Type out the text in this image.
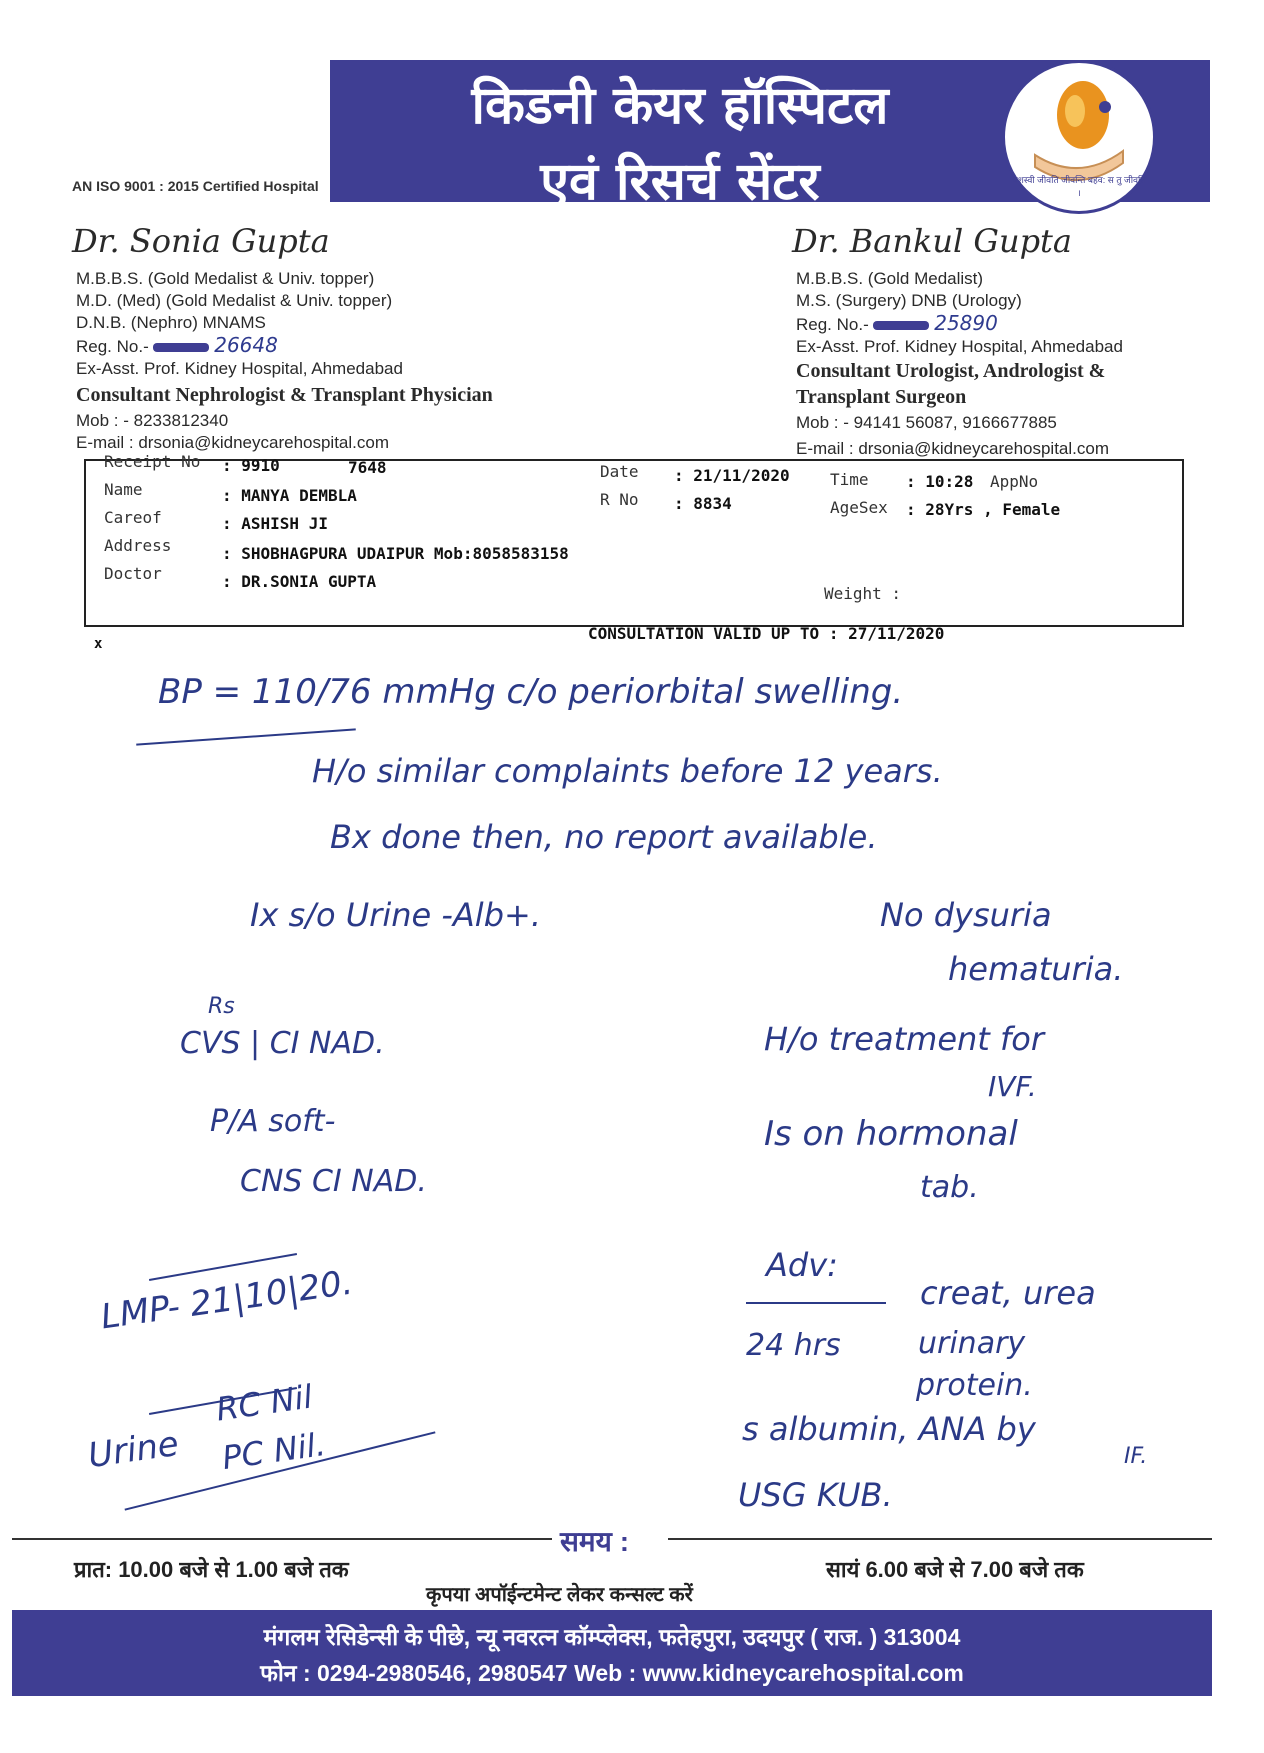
किडनी केयर हॉस्पिटल
एवं रिसर्च सेंटर
AN ISO 9001 : 2015 Certified Hospital	यशस्वी जीवति जीवन्ति बहव: स तु जीवति ।
Dr. Sonia Gupta
M.B.B.S. (Gold Medalist & Univ. topper)
M.D. (Med) (Gold Medalist & Univ. topper)
D.N.B. (Nephro) MNAMS
Reg. No.-	26648
Ex-Asst. Prof. Kidney Hospital, Ahmedabad
Consultant Nephrologist & Transplant Physician
Mob : - 8233812340
E-mail : drsonia@kidneycarehospital.com
Dr. Bankul Gupta
M.B.B.S. (Gold Medalist)
M.S. (Surgery) DNB (Urology)
Reg. No.-	25890
Ex-Asst. Prof. Kidney Hospital, Ahmedabad
Consultant Urologist, Andrologist &
Transplant Surgeon
Mob : - 94141 56087, 9166677885
E-mail : drsonia@kidneycarehospital.com
Receipt No : 9910	7648	Date : 21/11/2020	Time : 10:28 AppNo
Name	: MANYA DEMBLA	R No : 8834	AgeSex : 28Yrs , Female
Careof	: ASHISH JI
Address	: SHOBHAGPURA UDAIPUR Mob:8058583158
Doctor	: DR.SONIA GUPTA
Weight :
CONSULTATION VALID UP TO : 27/11/2020
x
BP = 110/76 mmHg c/o periorbital swelling.
H/o similar complaints before 12 years.
Bx done then, no report available.
Ix s/o Urine -Alb+.	No dysuria
hematuria.
Rs
CVS | CI NAD.	H/o treatment for
IVF.
P/A soft-	Is on hormonal
CNS CI NAD.	tab.
Adv:
creat, urea
24 hrs	urinary
protein.
s albumin, ANA by
IF.
USG KUB.
LMP- 21|10|20.
Urine
RC Nil
PC Nil.
समय :
प्रात: 10.00 बजे से 1.00 बजे तक	सायं 6.00 बजे से 7.00 बजे तक
कृपया अपॉईन्टमेन्ट लेकर कन्सल्ट करें
मंगलम रेसिडेन्सी के पीछे, न्यू नवरत्न कॉम्प्लेक्स, फतेहपुरा, उदयपुर ( राज. ) 313004
फोन : 0294-2980546, 2980547 Web : www.kidneycarehospital.com
